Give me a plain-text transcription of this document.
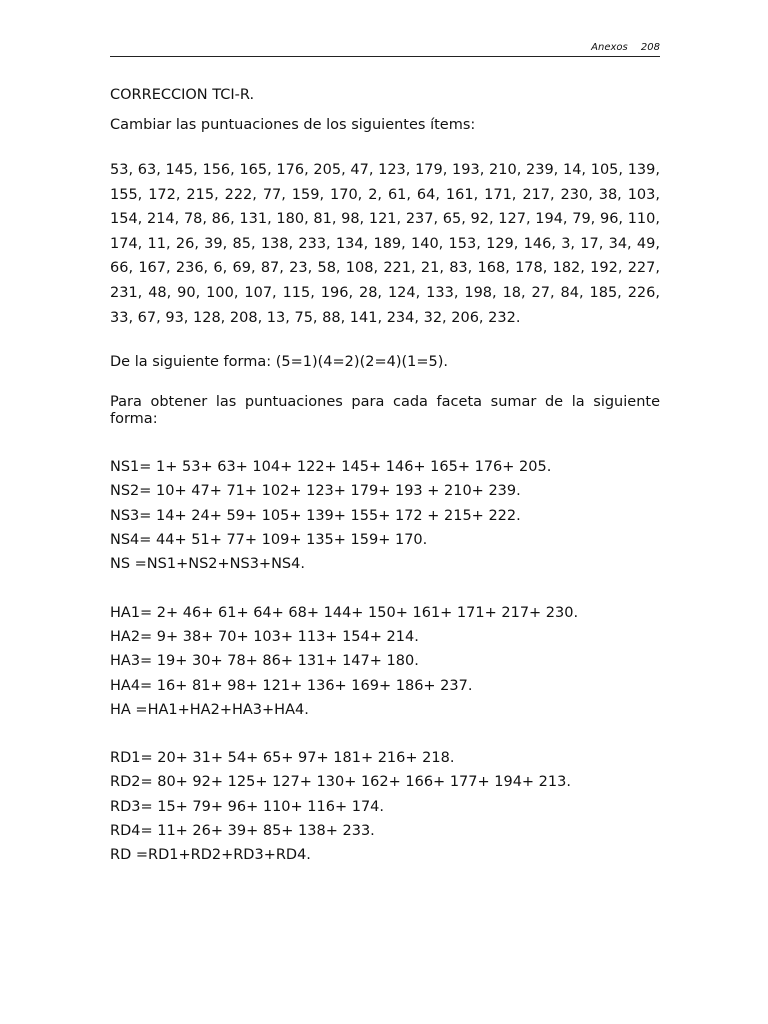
Anexos 208

CORRECCION TCI-R.

Cambiar las puntuaciones de los siguientes ítems:

53, 63, 145, 156, 165, 176, 205, 47, 123, 179, 193, 210, 239, 14, 105, 139, 155, 172, 215, 222, 77, 159, 170, 2, 61, 64, 161, 171, 217, 230, 38, 103, 154, 214, 78, 86, 131, 180, 81, 98, 121, 237, 65, 92, 127, 194, 79, 96, 110, 174, 11, 26, 39, 85, 138, 233, 134, 189, 140, 153, 129, 146, 3, 17, 34, 49, 66, 167, 236, 6, 69, 87, 23, 58, 108, 221, 21, 83, 168, 178, 182, 192, 227, 231, 48, 90, 100, 107, 115, 196, 28, 124, 133, 198, 18, 27, 84, 185, 226, 33, 67, 93, 128, 208, 13, 75, 88, 141, 234, 32, 206, 232.

De la siguiente forma: (5=1)(4=2)(2=4)(1=5).

Para obtener las puntuaciones para cada faceta sumar de la siguiente forma:

NS1= 1+ 53+ 63+ 104+ 122+ 145+ 146+ 165+ 176+ 205.

NS2= 10+ 47+ 71+ 102+ 123+ 179+ 193 + 210+ 239.

NS3= 14+ 24+ 59+ 105+ 139+ 155+ 172 + 215+ 222.

NS4= 44+ 51+ 77+ 109+ 135+ 159+ 170.

NS =NS1+NS2+NS3+NS4.

HA1= 2+ 46+ 61+ 64+ 68+ 144+ 150+ 161+ 171+ 217+ 230.

HA2= 9+ 38+ 70+ 103+ 113+ 154+ 214.

HA3= 19+ 30+ 78+ 86+ 131+ 147+ 180.

HA4= 16+ 81+ 98+ 121+ 136+ 169+ 186+ 237.

HA =HA1+HA2+HA3+HA4.

RD1= 20+ 31+ 54+ 65+ 97+ 181+ 216+ 218.

RD2= 80+ 92+ 125+ 127+ 130+ 162+ 166+ 177+ 194+ 213.

RD3= 15+ 79+ 96+ 110+ 116+ 174.

RD4= 11+ 26+ 39+ 85+ 138+ 233.

RD =RD1+RD2+RD3+RD4.
